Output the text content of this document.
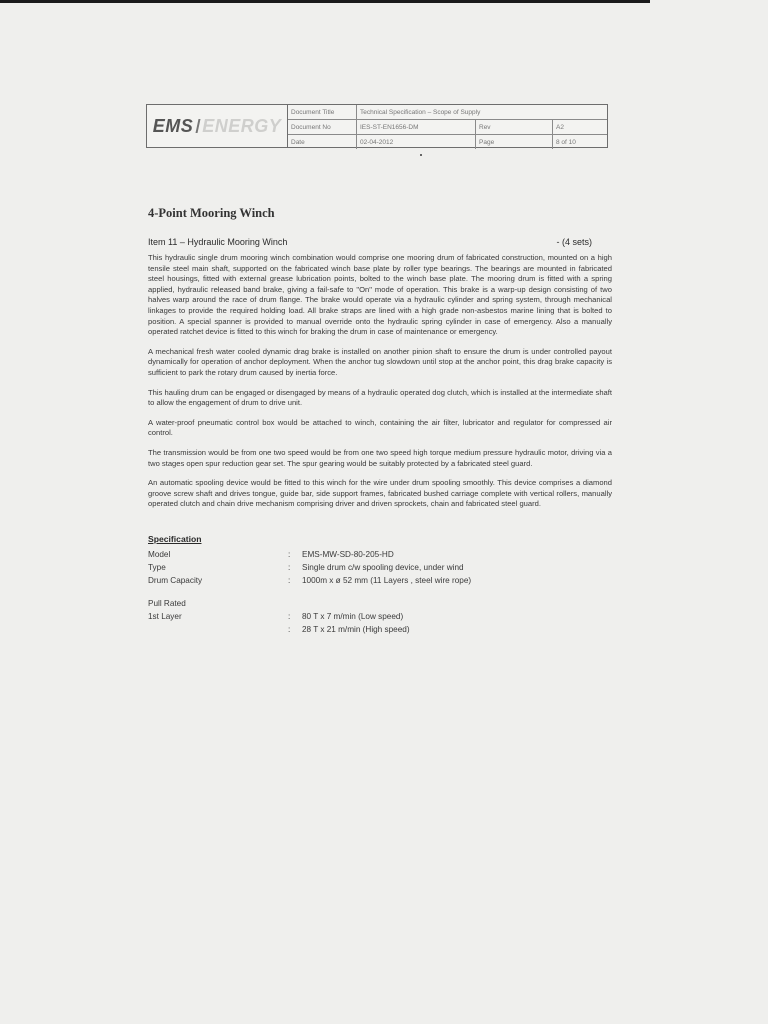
EMS ENERGY
Document Title	Technical Specification – Scope of Supply		
Document No	IES-ST-EN1656-DM	Rev	A2
Date	02-04-2012	Page	8 of 10
4-Point Mooring Winch
Item 11 – Hydraulic Mooring Winch	- (4 sets)

This hydraulic single drum mooring winch combination would comprise one mooring drum of fabricated construction, mounted on a high tensile steel main shaft, supported on the fabricated winch base plate by roller type bearings. The bearings are mounted in fabricated steel housings, fitted with external grease lubrication points, bolted to the winch base plate. The mooring drum is fitted with a spring applied, hydraulic released band brake, giving a fail-safe to "On" mode of operation. This brake is a warp-up design consisting of two halves warp around the race of drum flange. The brake would operate via a hydraulic cylinder and spring system, through mechanical linkages to provide the required holding load. All brake straps are lined with a high grade non-asbestos marine lining that is bolted to position. A special spanner is provided to manual override onto the hydraulic spring cylinder in case of emergency. Also a manually operated ratchet device is fitted to this winch for braking the drum in case of maintenance or emergency.

A mechanical fresh water cooled dynamic drag brake is installed on another pinion shaft to ensure the drum is under controlled payout dynamically for operation of anchor deployment. When the anchor tug slowdown until stop at the anchor point, this drag brake capacity is sufficient to park the rotary drum caused by inertia force.

This hauling drum can be engaged or disengaged by means of a hydraulic operated dog clutch, which is installed at the intermediate shaft to allow the engagement of drum to drive unit.

A water-proof pneumatic control box would be attached to winch, containing the air filter, lubricator and regulator for compressed air control.

The transmission would be from one two speed would be from one two speed high torque medium pressure hydraulic motor, driving via a two stages open spur reduction gear set. The spur gearing would be suitably protected by a fabricated steel guard.

An automatic spooling device would be fitted to this winch for the wire under drum spooling smoothly. This device comprises a diamond groove screw shaft and drives tongue, guide bar, side support frames, fabricated bushed carriage complete with vertical rollers, manually operated clutch and chain drive mechanism comprising driver and driven sprockets, chain and fabricated steel guard.

Specification
Model	:	EMS-MW-SD-80-205-HD
Type	:	Single drum c/w spooling device, under wind
Drum Capacity	:	1000m x ø 52 mm (11 Layers , steel wire rope)
Pull Rated
1st Layer	:	80 T x 7 m/min (Low speed)
:	28 T x 21 m/min (High speed)
